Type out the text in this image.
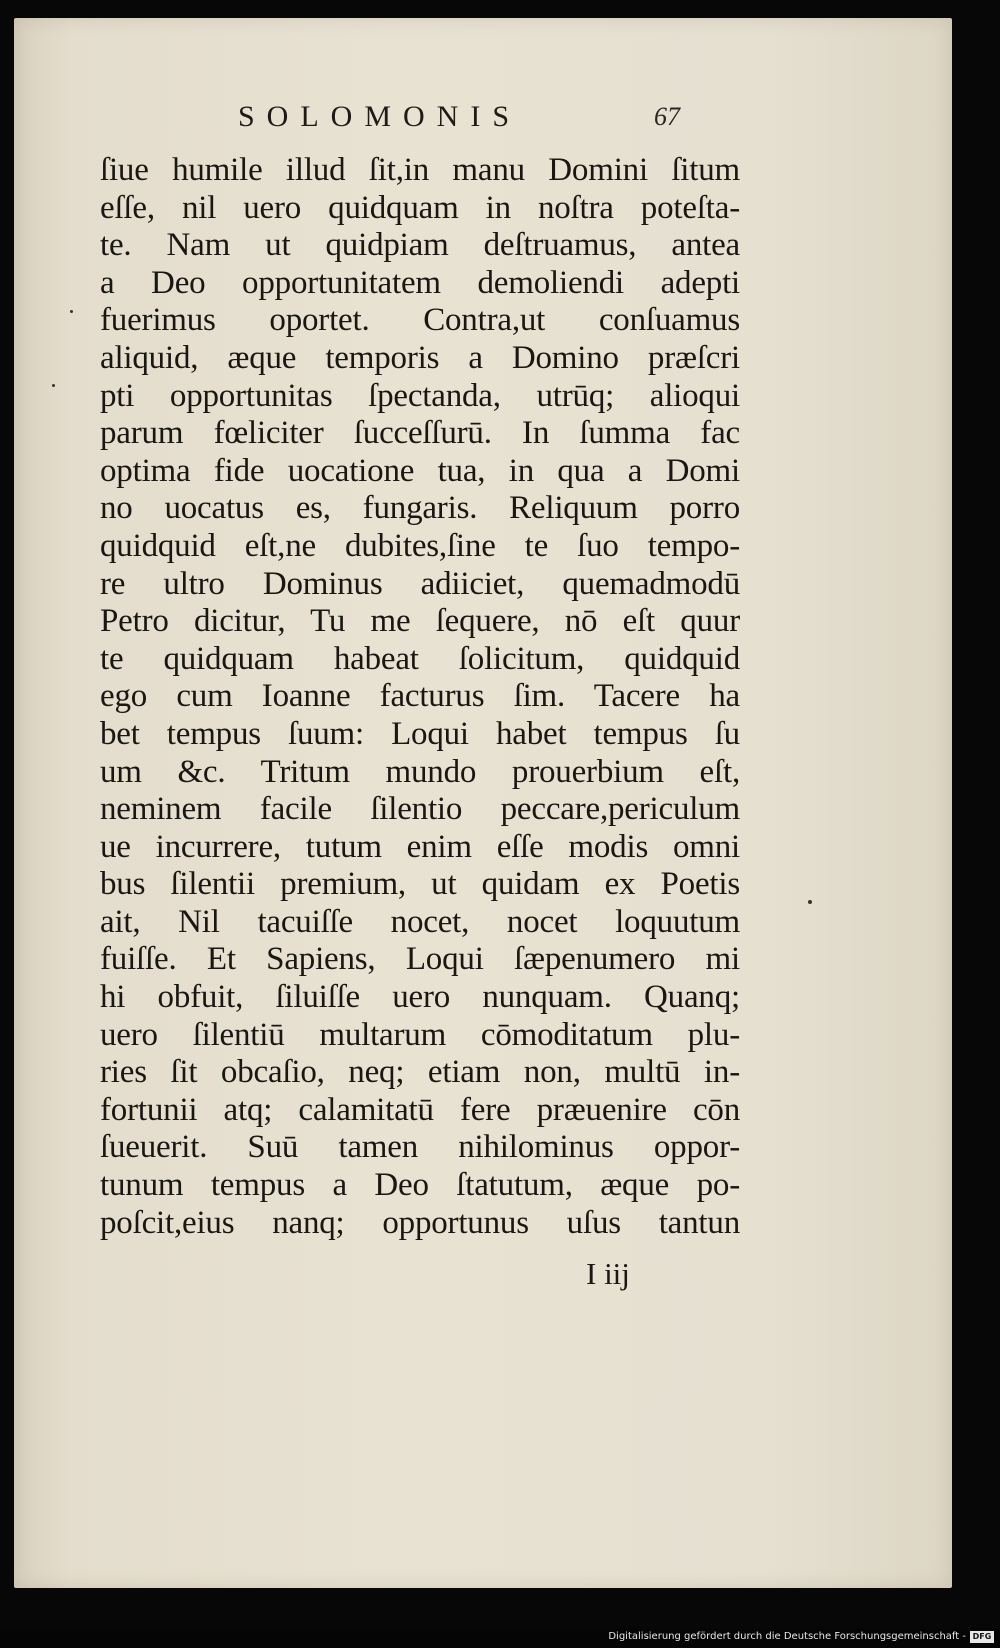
SOLOMONIS	67
ſiue humile illud ſit,in manu Domini ſitum
eſſe, nil uero quidquam in noſtra poteſta-
te. Nam ut quidpiam deſtruamus, antea
a Deo opportunitatem demoliendi adepti
fuerimus oportet. Contra,ut conſuamus
aliquid, æque temporis a Domino præſcri
pti opportunitas ſpectanda, utrūq; alioqui
parum fœliciter ſucceſſurū. In ſumma fac
optima fide uocatione tua, in qua a Domi
no uocatus es, fungaris. Reliquum porro
quidquid eſt,ne dubites,ſine te ſuo tempo-
re ultro Dominus adiiciet, quemadmodū
Petro dicitur, Tu me ſequere, nō eſt quur
te quidquam habeat ſolicitum, quidquid
ego cum Ioanne facturus ſim. Tacere ha
bet tempus ſuum: Loqui habet tempus ſu
um &c. Tritum mundo prouerbium eſt,
neminem facile ſilentio peccare,periculum
ue incurrere, tutum enim eſſe modis omni
bus ſilentii premium, ut quidam ex Poetis
ait, Nil tacuiſſe nocet, nocet loquutum
fuiſſe. Et Sapiens, Loqui ſæpenumero mi
hi obfuit, ſiluiſſe uero nunquam. Quanq;
uero ſilentiū multarum cōmoditatum plu-
ries ſit obcaſio, neq; etiam non, multū in-
fortunii atq; calamitatū fere præuenire cōn
ſueuerit. Suū tamen nihilominus oppor-
tunum tempus a Deo ſtatutum, æque po-
poſcit,eius nanq; opportunus uſus tantun
I iij
Digitalisierung gefördert durch die Deutsche Forschungsgemeinschaft - DFG
